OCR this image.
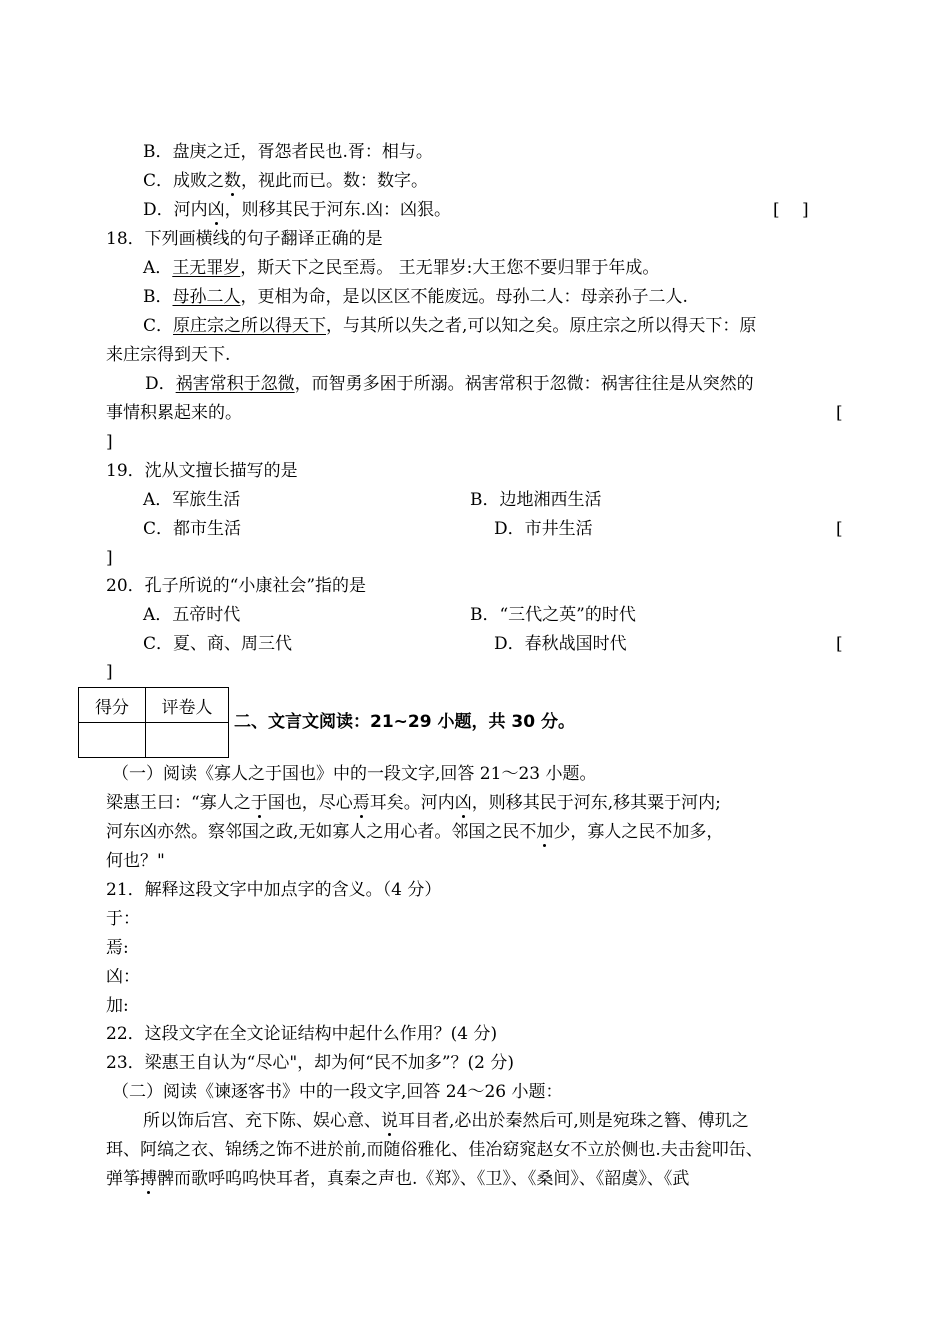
B．盘庚之迁，胥怨者民也.胥：相与。
C．成败之数，视此而已。数：数字。
D．河内凶，则移其民于河东.凶：凶狠。	[　 ]
18．下列画横线的句子翻译正确的是
A．王无罪岁，斯天下之民至焉。 王无罪岁:大王您不要归罪于年成。
B．母孙二人，更相为命，是以区区不能废远。母孙二人：母亲孙子二人.
C．原庄宗之所以得天下，与其所以失之者,可以知之矣。原庄宗之所以得天下：原
来庄宗得到天下.
D．祸害常积于忽微，而智勇多困于所溺。祸害常积于忽微：祸害往往是从突然的
事情积累起来的。	[
]
19．沈从文擅长描写的是
A．军旅生活	B．边地湘西生活
C．都市生活	D．市井生活	[
]
20．孔子所说的“小康社会”指的是
A．五帝时代	B．“三代之英”的时代
C．夏、商、周三代	D．春秋战国时代	[
]
得分	评卷人

二、文言文阅读：21~29 小题，共 30 分。
（一）阅读《寡人之于国也》中的一段文字,回答 21～23 小题。
梁惠王曰：“寡人之于国也，尽心焉耳矣。河内凶，则移其民于河东,移其粟于河内;
河东凶亦然。察邻国之政,无如寡人之用心者。邻国之民不加少，寡人之民不加多，
何也？"
21．解释这段文字中加点字的含义。（4 分）
于：
焉:
凶：
加:
22．这段文字在全文论证结构中起什么作用？(4 分)
23．梁惠王自认为“尽心"，却为何“民不加多”？(2 分)
（二）阅读《谏逐客书》中的一段文字,回答 24～26 小题：
所以饰后宫、充下陈、娱心意、说耳目者,必出於秦然后可,则是宛珠之簪、傅玑之
珥、阿缟之衣、锦绣之饰不进於前,而随俗雅化、佳冶窈窕赵女不立於侧也.夫击瓮叩缶、
弹筝搏髀而歌呼呜呜快耳者，真秦之声也.《郑》、《卫》、《桑间》、《韶虞》、《武
